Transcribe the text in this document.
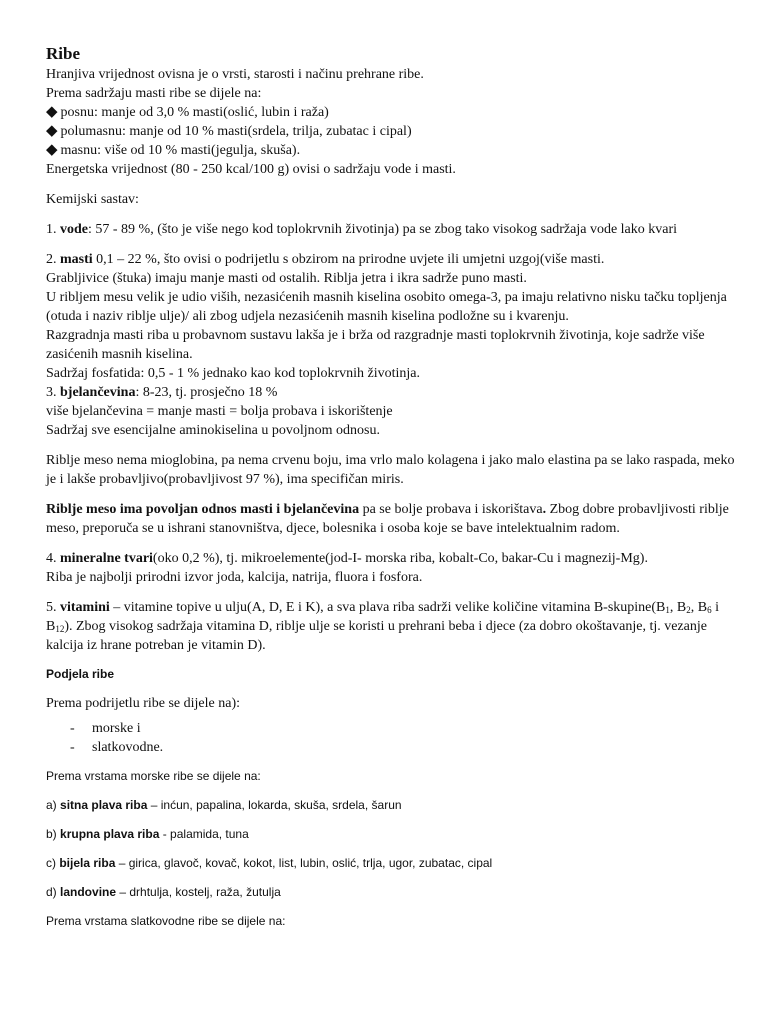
Ribe

Hranjiva vrijednost ovisna je o vrsti, starosti i načinu prehrane ribe.

Prema sadržaju masti ribe se dijele na:

◆ posnu: manje od 3,0 % masti(oslić, lubin i raža)

◆ polumasnu: manje od 10 % masti(srdela, trilja, zubatac i cipal)

◆ masnu: više od 10 % masti(jegulja, skuša).

Energetska vrijednost (80 - 250 kcal/100 g) ovisi o sadržaju vode i masti.

Kemijski sastav:

1. vode: 57 - 89 %, (što je više nego kod toplokrvnih životinja) pa se zbog tako visokog sadržaja vode lako kvari

2. masti 0,1 – 22 %, što ovisi o podrijetlu s obzirom na prirodne uvjete ili umjetni uzgoj(više masti.

Grabljivice (štuka) imaju manje masti od ostalih. Riblja jetra i ikra sadrže puno masti.

U ribljem mesu velik je udio viših, nezasićenih masnih kiselina osobito omega-3, pa imaju relativno nisku tačku topljenja (otuda i naziv riblje ulje)/ ali zbog udjela nezasićenih masnih kiselina podložne su i kvarenju.

Razgradnja masti riba u probavnom sustavu lakša je i brža od razgradnje masti toplokrvnih životinja, koje sadrže više zasićenih masnih kiselina.

Sadržaj fosfatida: 0,5 - 1 % jednako kao kod toplokrvnih životinja.

3. bjelančevina: 8-23, tj. prosječno 18 %

više bjelančevina = manje masti = bolja probava i iskorištenje

Sadržaj sve esencijalne aminokiselina u povoljnom odnosu.

Riblje meso nema mioglobina, pa nema crvenu boju, ima vrlo malo kolagena i jako malo elastina pa se lako raspada, meko je i lakše probavljivo(probavljivost 97 %), ima specifičan miris.

Riblje meso ima povoljan odnos masti i bjelančevina pa se bolje probava i iskorištava. Zbog dobre probavljivosti riblje meso, preporuča se u ishrani stanovništva, djece, bolesnika i osoba koje se bave intelektualnim radom.

4. mineralne tvari(oko 0,2 %), tj. mikroelemente(jod-I- morska riba, kobalt-Co, bakar-Cu i magnezij-Mg).

Riba je najbolji prirodni izvor joda, kalcija, natrija, fluora i fosfora.

5. vitamini – vitamine topive u ulju(A, D, E i K), a sva plava riba sadrži velike količine vitamina $B-skupine(B_1$, $B_2$, $B_6$ i $B_{12}$). Zbog visokog sadržaja vitamina D, riblje ulje se koristi u prehrani beba i djece (za dobro okoštavanje, tj. vezanje kalcija iz hrane potreban je vitamin D).

Podjela ribe

Prema podrijetlu ribe se dijele na):

- morske i
- slatkovodne.

Prema vrstama morske ribe se dijele na:

a) sitna plava riba – inćun, papalina, lokarda, skuša, srdela, šarun

b) krupna plava riba - palamida, tuna

c) bijela riba – girica, glavoč, kovač, kokot, list, lubin, oslić, trlja, ugor, zubatac, cipal

d) landovine – drhtulja, kostelj, raža, žutulja

Prema vrstama slatkovodne ribe se dijele na:
